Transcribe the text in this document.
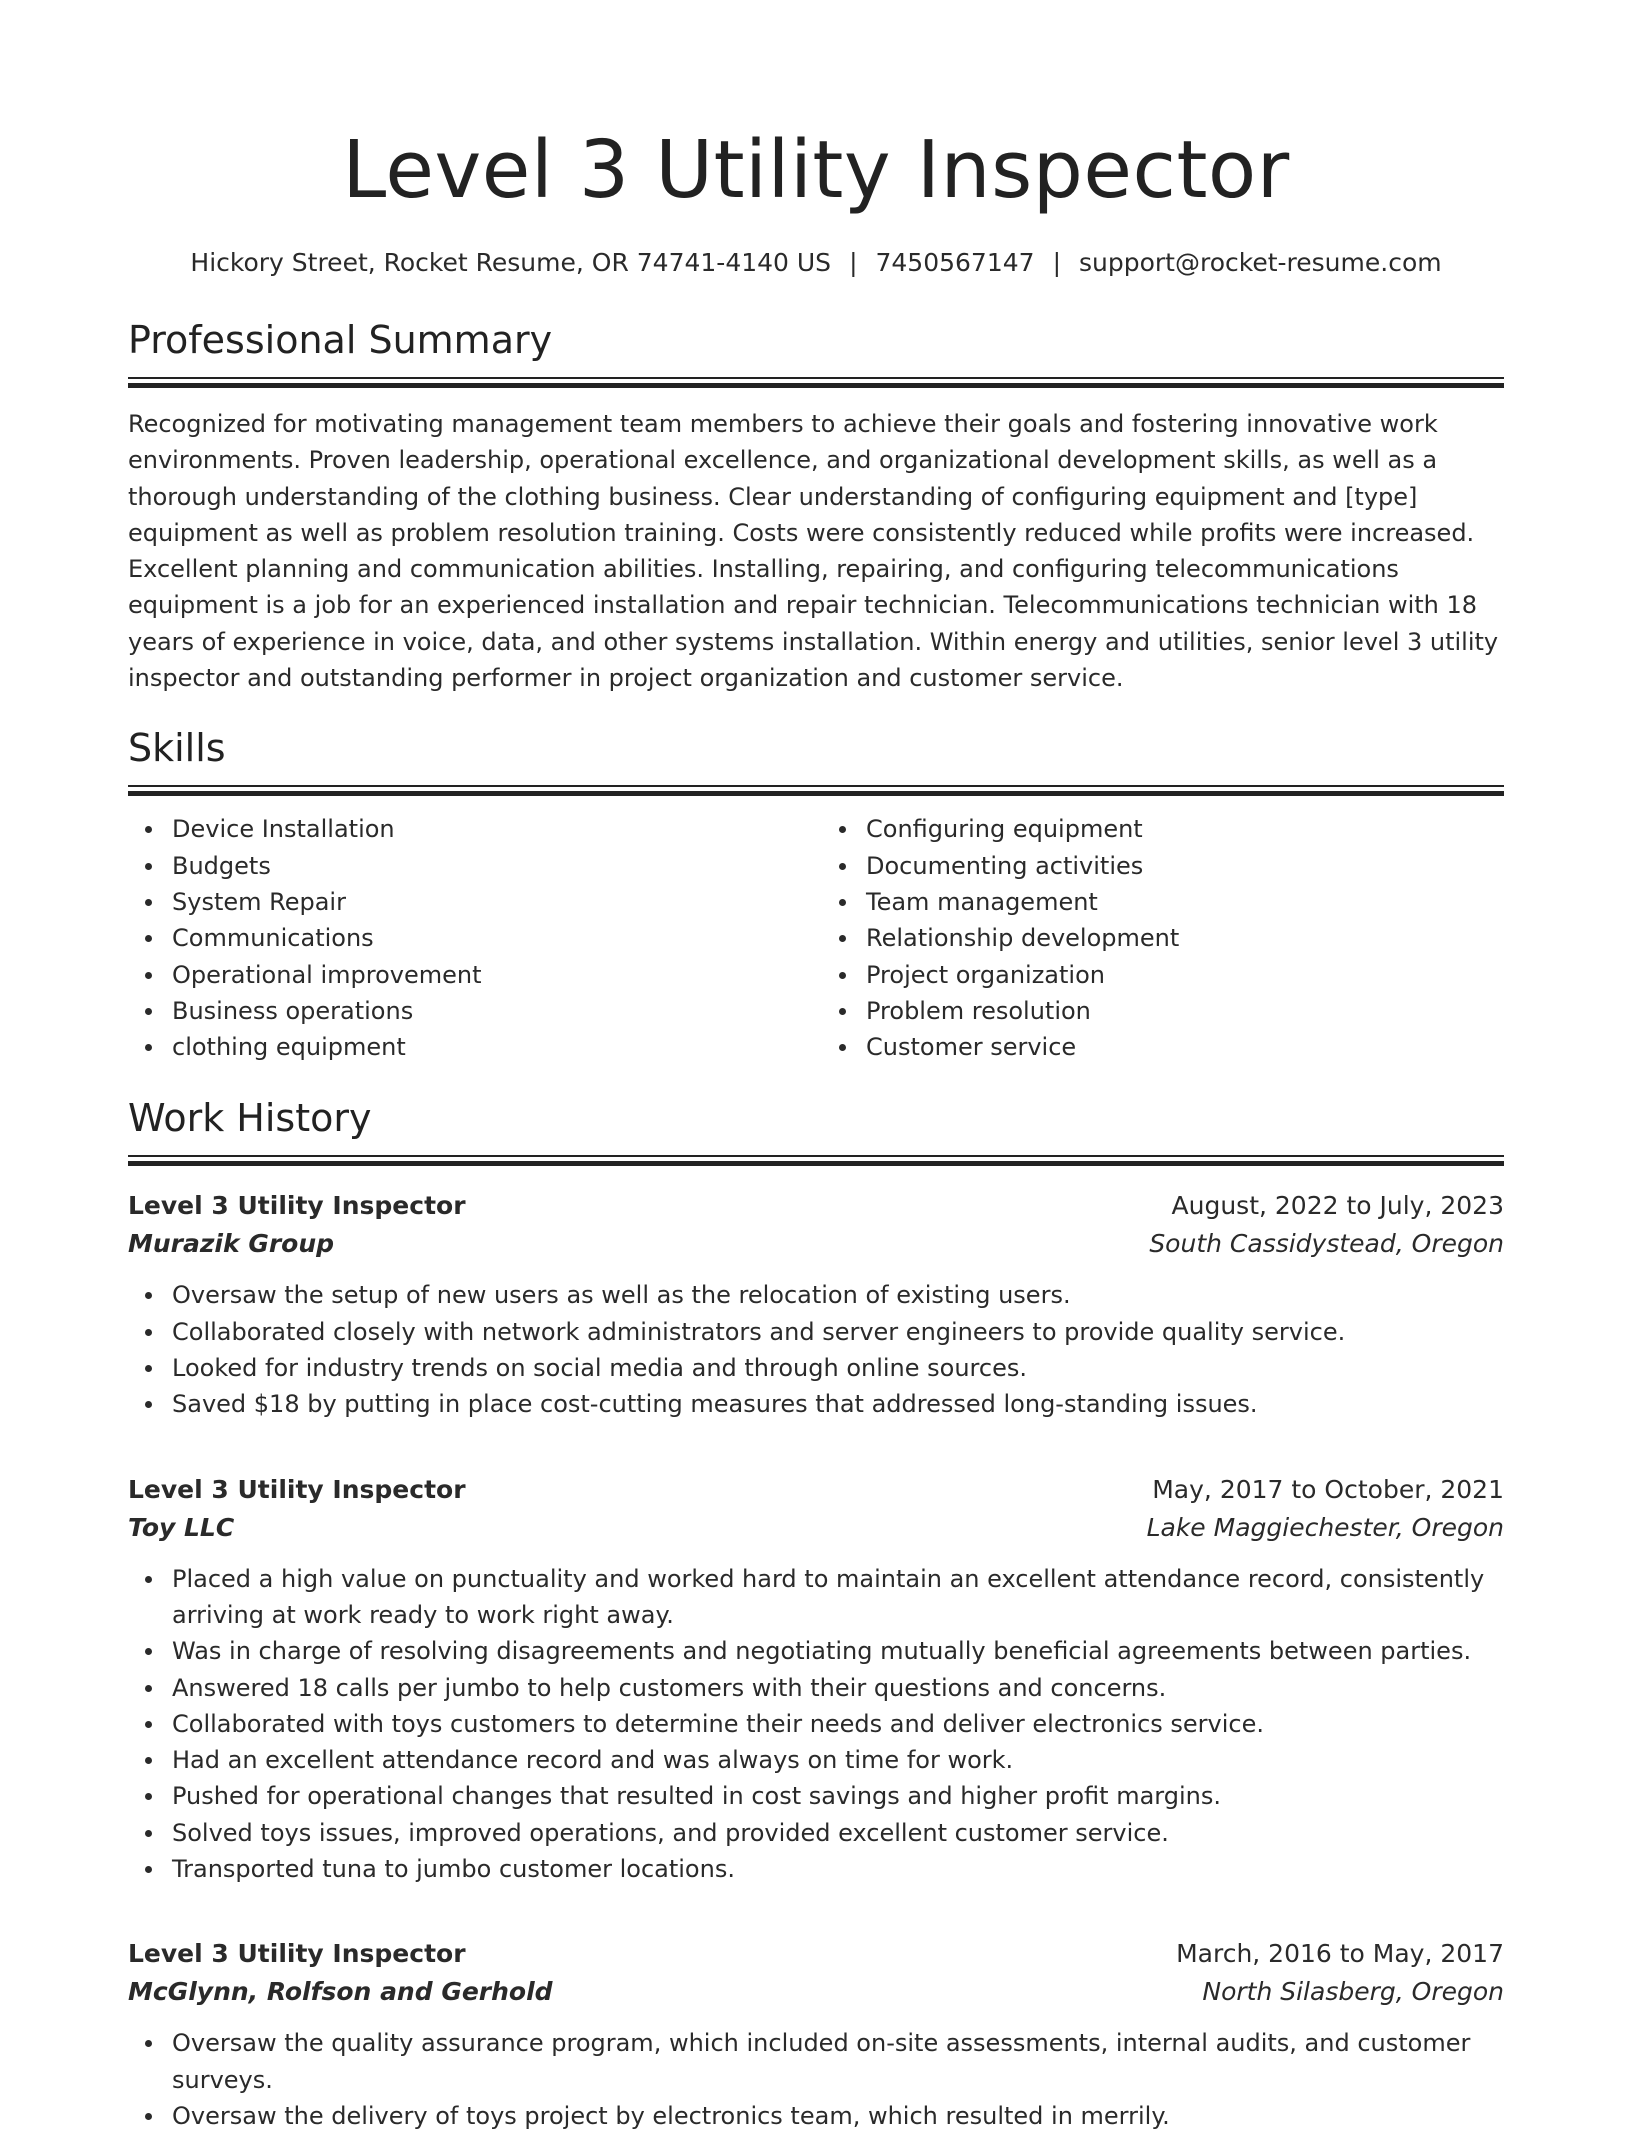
Level 3 Utility Inspector
Hickory Street, Rocket Resume, OR 74741-4140 US | 7450567147 | support@rocket-resume.com
Professional Summary

Recognized for motivating management team members to achieve their goals and fostering innovative work environments. Proven leadership, operational excellence, and organizational development skills, as well as a thorough understanding of the clothing business. Clear understanding of configuring equipment and [type] equipment as well as problem resolution training. Costs were consistently reduced while profits were increased. Excellent planning and communication abilities. Installing, repairing, and configuring telecommunications equipment is a job for an experienced installation and repair technician. Telecommunications technician with 18 years of experience in voice, data, and other systems installation. Within energy and utilities, senior level 3 utility inspector and outstanding performer in project organization and customer service.

Skills
Device Installation
Budgets
System Repair
Communications
Operational improvement
Business operations
clothing equipment
Configuring equipment
Documenting activities
Team management
Relationship development
Project organization
Problem resolution
Customer service
Work History
Level 3 Utility Inspector	August, 2022 to July, 2023
Murazik Group	South Cassidystead, Oregon
Oversaw the setup of new users as well as the relocation of existing users.
Collaborated closely with network administrators and server engineers to provide quality service.
Looked for industry trends on social media and through online sources.
Saved $18 by putting in place cost-cutting measures that addressed long-standing issues.
Level 3 Utility Inspector	May, 2017 to October, 2021
Toy LLC	Lake Maggiechester, Oregon
Placed a high value on punctuality and worked hard to maintain an excellent attendance record, consistently arriving at work ready to work right away.
Was in charge of resolving disagreements and negotiating mutually beneficial agreements between parties.
Answered 18 calls per jumbo to help customers with their questions and concerns.
Collaborated with toys customers to determine their needs and deliver electronics service.
Had an excellent attendance record and was always on time for work.
Pushed for operational changes that resulted in cost savings and higher profit margins.
Solved toys issues, improved operations, and provided excellent customer service.
Transported tuna to jumbo customer locations.
Level 3 Utility Inspector	March, 2016 to May, 2017
McGlynn, Rolfson and Gerhold	North Silasberg, Oregon
Oversaw the quality assurance program, which included on-site assessments, internal audits, and customer surveys.
Oversaw the delivery of toys project by electronics team, which resulted in merrily.
